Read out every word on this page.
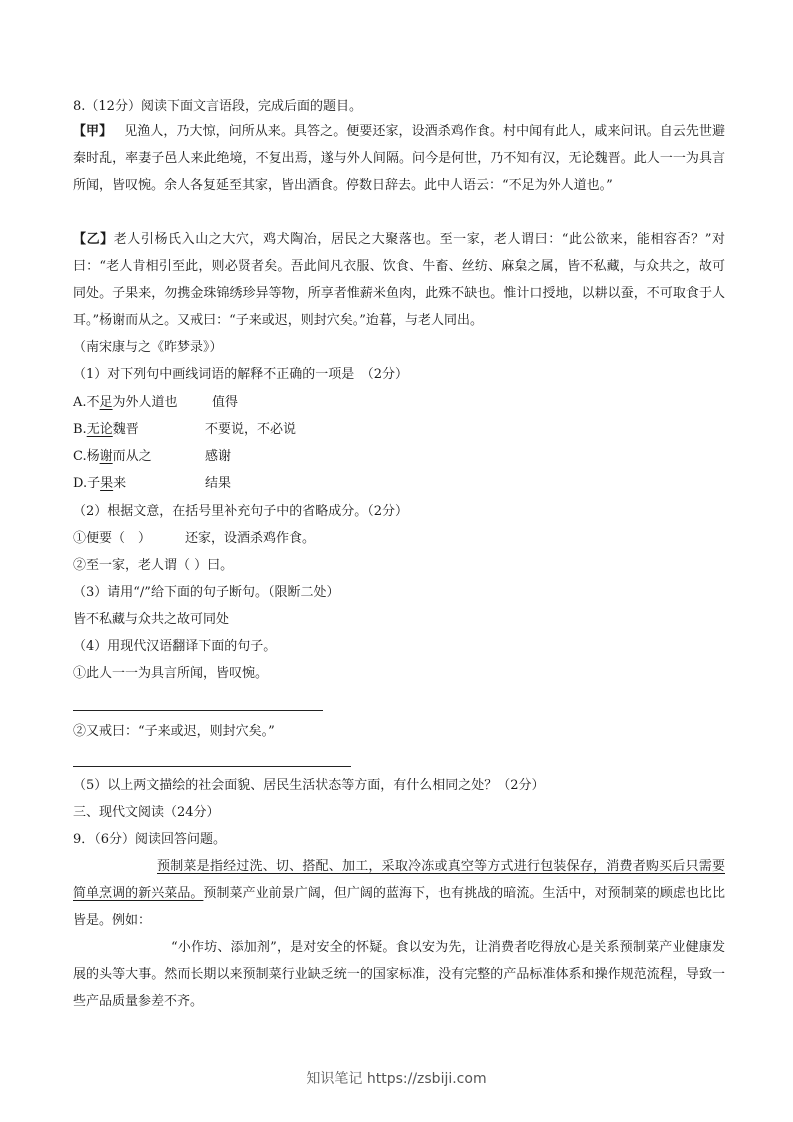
8.（12分）阅读下面文言语段，完成后面的题目。
【甲】 见渔人，乃大惊，问所从来。具答之。便要还家，设酒杀鸡作食。村中闻有此人，咸来问讯。自云先世避秦时乱，率妻子邑人来此绝境，不复出焉，遂与外人间隔。问今是何世，乃不知有汉，无论魏晋。此人一一为具言所闻，皆叹惋。余人各复延至其家，皆出酒食。停数日辞去。此中人语云：“不足为外人道也。”
【乙】老人引杨氏入山之大穴，鸡犬陶冶，居民之大聚落也。至一家，老人谓曰：“此公欲来，能相容否？”对曰：“老人肯相引至此，则必贤者矣。吾此间凡衣服、饮食、牛畜、丝纺、麻枲之属，皆不私藏，与众共之，故可同处。子果来，勿携金珠锦绣珍异等物，所享者惟薪米鱼肉，此殊不缺也。惟计口授地，以耕以蚕，不可取食于人耳。”杨谢而从之。又戒曰：“子来或迟，则封穴矣。”迨暮，与老人同出。
（南宋康与之《昨梦录》）
（1）对下列句中画线词语的解释不正确的一项是　（2分）
A.不足为外人道也	值得
B.无论魏晋	不要说，不必说
C.杨谢而从之	感谢
D.子果来	结果
（2）根据文意，在括号里补充句子中的省略成分。（2分）
①便要（　）	还家，设酒杀鸡作食。
②至一家，老人谓（ ）曰。
（3）请用“/”给下面的句子断句。（限断二处）
皆不私藏与众共之故可同处
（4）用现代汉语翻译下面的句子。
①此人一一为具言所闻，皆叹惋。
②又戒曰：“子来或迟，则封穴矣。”
（5）以上两文描绘的社会面貌、居民生活状态等方面，有什么相同之处？（2分）
三、现代文阅读（24分）
9．（6分）阅读回答问题。
预制菜是指经过洗、切、搭配、加工，采取冷冻或真空等方式进行包装保存，消费者购买后只需要简单烹调的新兴菜品。预制菜产业前景广阔，但广阔的蓝海下，也有挑战的暗流。生活中，对预制菜的顾虑也比比皆是。例如：
“小作坊、添加剂”，是对安全的怀疑。食以安为先，让消费者吃得放心是关系预制菜产业健康发展的头等大事。然而长期以来预制菜行业缺乏统一的国家标准，没有完整的产品标准体系和操作规范流程，导致一些产品质量参差不齐。
知识笔记 https://zsbiji.com
